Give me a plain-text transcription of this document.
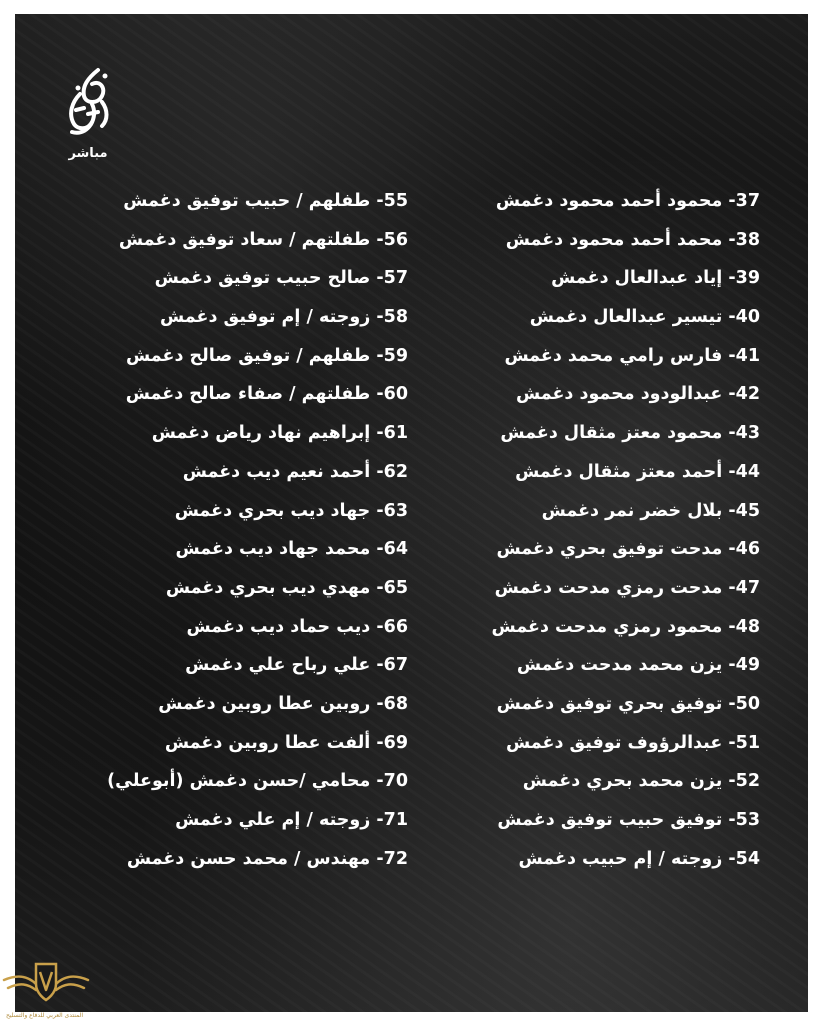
مباشر
37- محمود أحمد محمود دغمش
38- محمد أحمد محمود دغمش
39- إياد عبدالعال دغمش
40- تيسير عبدالعال دغمش
41- فارس رامي محمد دغمش
42- عبدالودود محمود دغمش
43- محمود معتز مثقال دغمش
44- أحمد معتز مثقال دغمش
45- بلال خضر نمر دغمش
46- مدحت توفيق بحري دغمش
47- مدحت رمزي مدحت دغمش
48- محمود رمزي مدحت دغمش
49- يزن محمد مدحت دغمش
50- توفيق بحري توفيق دغمش
51- عبدالرؤوف توفيق دغمش
52- يزن محمد بحري دغمش
53- توفيق حبيب توفيق دغمش
54- زوجته / إم حبيب دغمش
55- طفلهم / حبيب توفيق دغمش
56- طفلتهم / سعاد توفيق دغمش
57- صالح حبيب توفيق دغمش
58- زوجته / إم توفيق دغمش
59- طفلهم / توفيق صالح دغمش
60- طفلتهم / صفاء صالح دغمش
61- إبراهيم نهاد رياض دغمش
62- أحمد نعيم ديب دغمش
63- جهاد ديب بحري دغمش
64- محمد جهاد ديب دغمش
65- مهدي ديب بحري دغمش
66- ديب حماد ديب دغمش
67- علي رباح علي دغمش
68- روبين عطا روبين دغمش
69- ألفت عطا روبين دغمش
70- محامي /حسن دغمش (أبوعلي)
71- زوجته / إم علي دغمش
72- مهندس / محمد حسن دغمش
المنتدى العربي للدفاع والتسليح
